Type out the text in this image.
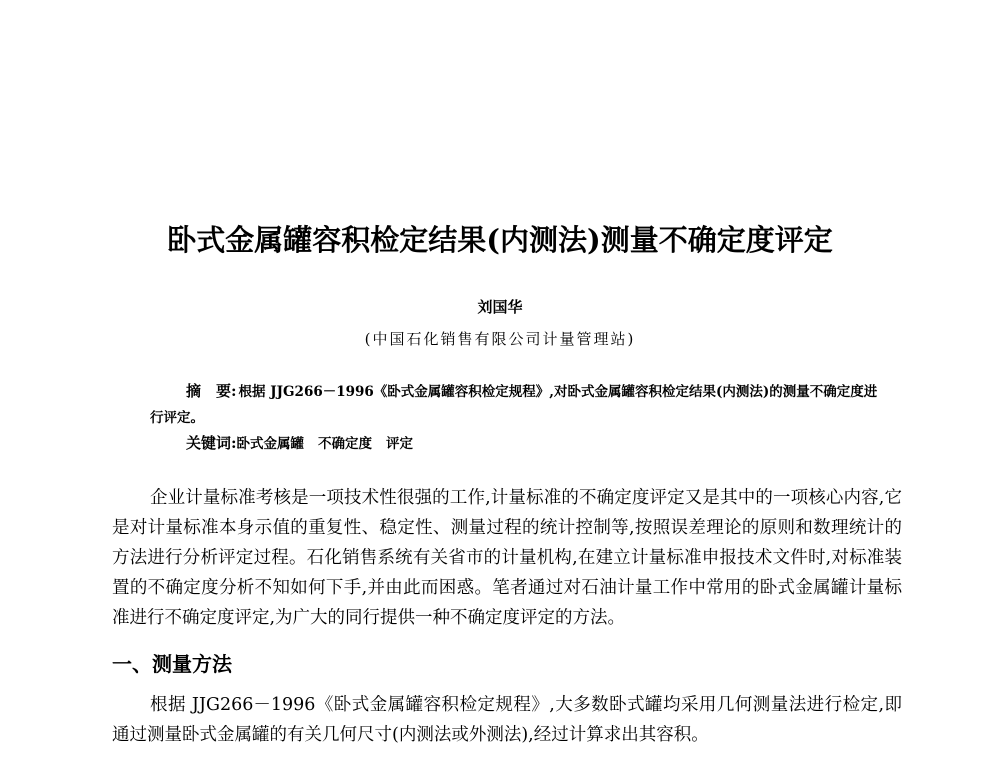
卧式金属罐容积检定结果(内测法)测量不确定度评定
刘国华
(中国石化销售有限公司计量管理站)
摘　要: 根据 JJG266－1996《卧式金属罐容积检定规程》,对卧式金属罐容积检定结果(内测法)的测量不确定度进行评定。
关键词:卧式金属罐 不确定度 评定

企业计量标准考核是一项技术性很强的工作,计量标准的不确定度评定又是其中的一项核心内容,它是对计量标准本身示值的重复性、稳定性、测量过程的统计控制等,按照误差理论的原则和数理统计的方法进行分析评定过程。石化销售系统有关省市的计量机构,在建立计量标准申报技术文件时,对标准装置的不确定度分析不知如何下手,并由此而困惑。笔者通过对石油计量工作中常用的卧式金属罐计量标准进行不确定度评定,为广大的同行提供一种不确定度评定的方法。

一、测量方法

根据 JJG266－1996《卧式金属罐容积检定规程》,大多数卧式罐均采用几何测量法进行检定,即通过测量卧式金属罐的有关几何尺寸(内测法或外测法),经过计算求出其容积。
